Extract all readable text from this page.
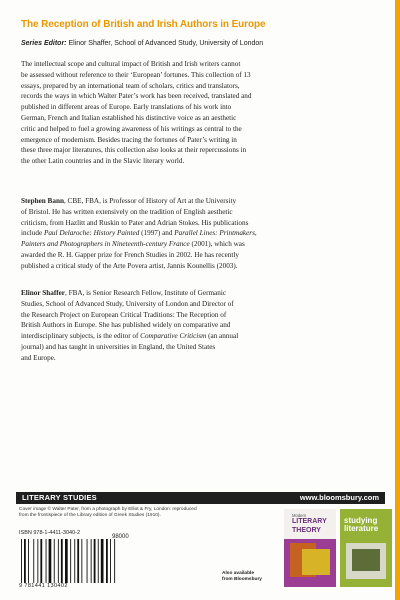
The Reception of British and Irish Authors in Europe
Series Editor: Elinor Shaffer, School of Advanced Study, University of London
The intellectual scope and cultural impact of British and Irish writers cannot
be assessed without reference to their ‘European’ fortunes. This collection of 13
essays, prepared by an international team of scholars, critics and translators,
records the ways in which Walter Pater’s work has been received, translated and
published in different areas of Europe. Early translations of his work into
German, French and Italian established his distinctive voice as an aesthetic
critic and helped to fuel a growing awareness of his writings as central to the
emergence of modernism. Besides tracing the fortunes of Pater’s writing in
these three major literatures, this collection also looks at their repercussions in
the other Latin countries and in the Slavic literary world.
Stephen Bann, CBE, FBA, is Professor of History of Art at the University
of Bristol. He has written extensively on the tradition of English aesthetic
criticism, from Hazlitt and Ruskin to Pater and Adrian Stokes. His publications
include Paul Delaroche: History Painted (1997) and Parallel Lines: Printmakers,
Painters and Photographers in Nineteenth-century France (2001), which was
awarded the R. H. Gapper prize for French Studies in 2002. He has recently
published a critical study of the Arte Povera artist, Jannis Kounellis (2003).
Elinor Shaffer, FBA, is Senior Research Fellow, Institute of Germanic
Studies, School of Advanced Study, University of London and Director of
the Research Project on European Critical Traditions: The Reception of
British Authors in Europe. She has published widely on comparative and
interdisciplinary subjects, is the editor of Comparative Criticism (an annual
journal) and has taught in universities in England, the United States
and Europe.
LITERARY STUDIES	www.bloomsbury.com
Cover image © Walter Pater, from a photograph by Elliot & Fry, London: reproduced
from the frontispiece of the Library edition of Greek Studies (1910).
ISBN 978-1-4411-3040-2
98000
9 781441 130402
Also available
from Bloomsbury
Modern
LITERARY
THEORY
studying
literature
